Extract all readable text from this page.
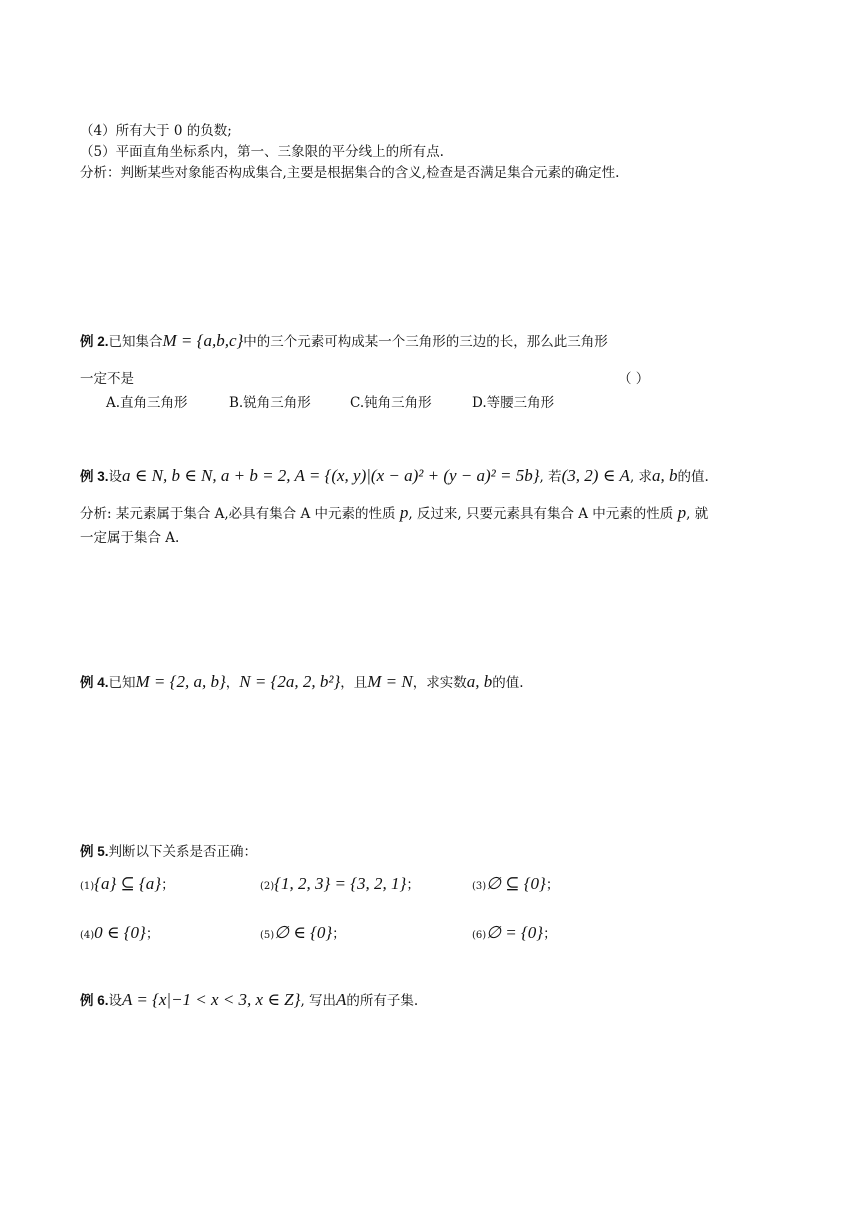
（4）所有大于 0 的负数;
（5）平面直角坐标系内，第一、三象限的平分线上的所有点.
分析：判断某些对象能否构成集合,主要是根据集合的含义,检查是否满足集合元素的确定性.
例 2.已知集合M = {a,b,c}中的三个元素可构成某一个三角形的三边的长，那么此三角形
一定不是	（ ）
A.直角三角形	B.锐角三角形	C.钝角三角形	D.等腰三角形
例 3.设a ∈ N, b ∈ N, a + b = 2, A = {(x, y)|(x − a)² + (y − a)² = 5b}, 若(3, 2) ∈ A, 求a, b的值.
分析: 某元素属于集合 A,必具有集合 A 中元素的性质 p, 反过来, 只要元素具有集合 A 中元素的性质 p, 就
一定属于集合 A.
例 4.已知M = {2, a, b}，N = {2a, 2, b²}，且M = N，求实数a, b的值.
例 5.判断以下关系是否正确：
(1){a} ⊆ {a}；	(2){1, 2, 3} = {3, 2, 1}；	(3)∅ ⊆ {0}；
(4)0 ∈ {0}；	(5)∅ ∈ {0}；	(6)∅ = {0}；
例 6.设A = {x|−1 < x < 3, x ∈ Z}, 写出A的所有子集.
